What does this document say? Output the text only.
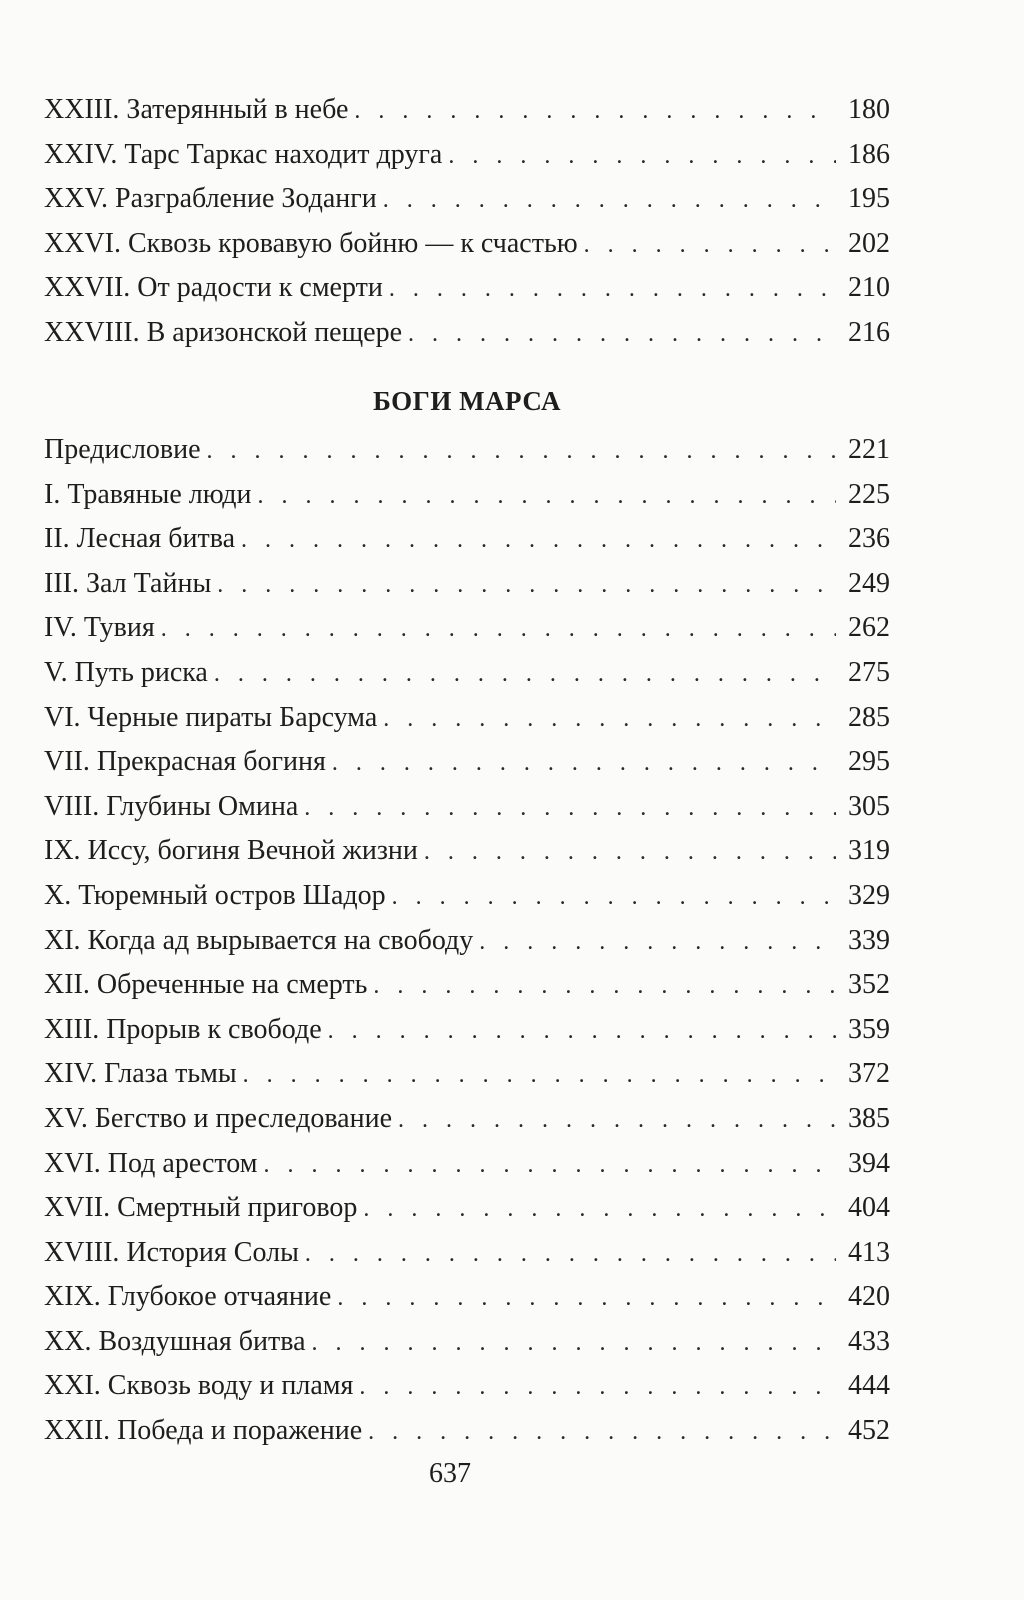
XXIII. Затерянный в небе . . .	180
XXIV. Тарс Таркас находит друга . . .	186
XXV. Разграбление Зоданги . . .	195
XXVI. Сквозь кровавую бойню — к счастью . . .	202
XXVII. От радости к смерти . . .	210
XXVIII. В аризонской пещере . . .	216
БОГИ МАРСА
Предисловие . . .	221
I. Травяные люди . . .	225
II. Лесная битва . . .	236
III. Зал Тайны . . .	249
IV. Тувия . . .	262
V. Путь риска . . .	275
VI. Черные пираты Барсума . . .	285
VII. Прекрасная богиня . . .	295
VIII. Глубины Омина . . .	305
IX. Иссу, богиня Вечной жизни . . .	319
X. Тюремный остров Шадор . . .	329
XI. Когда ад вырывается на свободу . . .	339
XII. Обреченные на смерть . . .	352
XIII. Прорыв к свободе . . .	359
XIV. Глаза тьмы . . .	372
XV. Бегство и преследование . . .	385
XVI. Под арестом . . .	394
XVII. Смертный приговор . . .	404
XVIII. История Солы . . .	413
XIX. Глубокое отчаяние . . .	420
XX. Воздушная битва . . .	433
XXI. Сквозь воду и пламя . . .	444
XXII. Победа и поражение . . .	452
637
